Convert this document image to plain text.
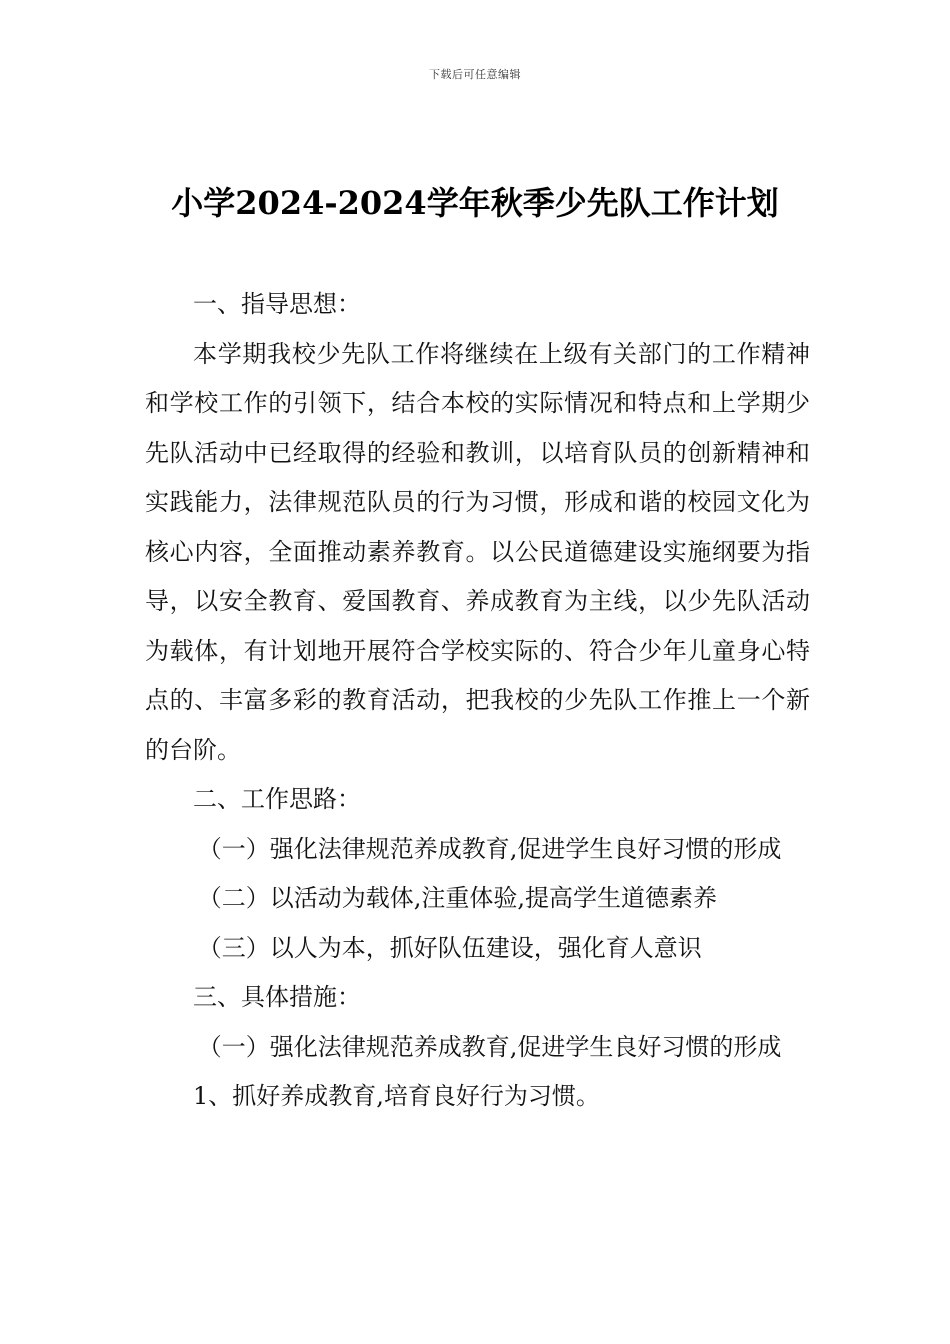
下载后可任意编辑
小学2024-2024学年秋季少先队工作计划

一、指导思想：

本学期我校少先队工作将继续在上级有关部门的工作精神和学校工作的引领下，结合本校的实际情况和特点和上学期少先队活动中已经取得的经验和教训，以培育队员的创新精神和实践能力，法律规范队员的行为习惯，形成和谐的校园文化为核心内容，全面推动素养教育。以公民道德建设实施纲要为指导，以安全教育、爱国教育、养成教育为主线，以少先队活动为载体，有计划地开展符合学校实际的、符合少年儿童身心特点的、丰富多彩的教育活动，把我校的少先队工作推上一个新的台阶。

二、工作思路：

（一）强化法律规范养成教育,促进学生良好习惯的形成

（二）以活动为载体,注重体验,提高学生道德素养

（三）以人为本，抓好队伍建设，强化育人意识

三、具体措施：

（一）强化法律规范养成教育,促进学生良好习惯的形成

1、抓好养成教育,培育良好行为习惯。
